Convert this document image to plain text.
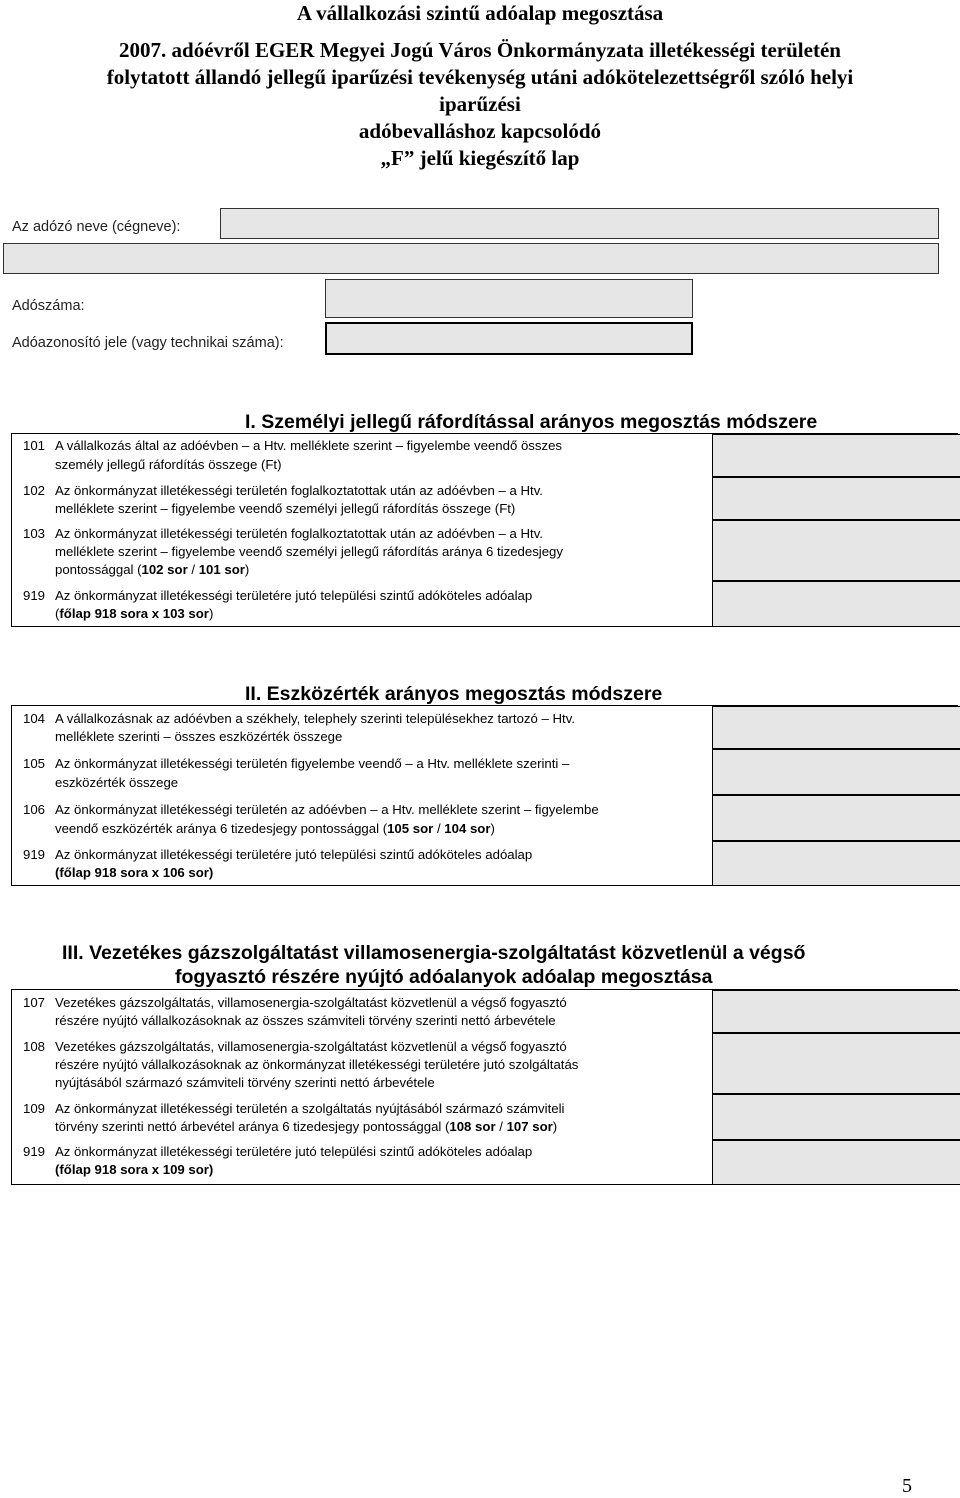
A vállalkozási szintű adóalap megosztása
2007. adóévről EGER Megyei Jogú Város Önkormányzata illetékességi területén
folytatott állandó jellegű iparűzési tevékenység utáni adókötelezettségről szóló helyi
iparűzési
adóbevalláshoz kapcsolódó
„F” jelű kiegészítő lap
Az adózó neve (cégneve):
Adószáma:
Adóazonosító jele (vagy technikai száma):
I. Személyi jellegű ráfordítással arányos megosztás módszere
101 A vállalkozás által az adóévben – a Htv. melléklete szerint – figyelembe veendő összes
személy jellegű ráfordítás összege (Ft)
102 Az önkormányzat illetékességi területén foglalkoztatottak után az adóévben – a Htv.
melléklete szerint – figyelembe veendő személyi jellegű ráfordítás összege (Ft)
103 Az önkormányzat illetékességi területén foglalkoztatottak után az adóévben – a Htv.
melléklete szerint – figyelembe veendő személyi jellegű ráfordítás aránya 6 tizedesjegy
pontossággal (102 sor / 101 sor)
919 Az önkormányzat illetékességi területére jutó települési szintű adóköteles adóalap
(főlap 918 sora x 103 sor)
II. Eszközérték arányos megosztás módszere
104 A vállalkozásnak az adóévben a székhely, telephely szerinti településekhez tartozó – Htv.
melléklete szerinti – összes eszközérték összege
105 Az önkormányzat illetékességi területén figyelembe veendő – a Htv. melléklete szerinti –
eszközérték összege
106 Az önkormányzat illetékességi területén az adóévben – a Htv. melléklete szerint – figyelembe
veendő eszközérték aránya 6 tizedesjegy pontossággal (105 sor / 104 sor)
919 Az önkormányzat illetékességi területére jutó települési szintű adóköteles adóalap
(főlap 918 sora x 106 sor)
III. Vezetékes gázszolgáltatást villamosenergia-szolgáltatást közvetlenül a végső
fogyasztó részére nyújtó adóalanyok adóalap megosztása
107 Vezetékes gázszolgáltatás, villamosenergia-szolgáltatást közvetlenül a végső fogyasztó
részére nyújtó vállalkozásoknak az összes számviteli törvény szerinti nettó árbevétele
108 Vezetékes gázszolgáltatás, villamosenergia-szolgáltatást közvetlenül a végső fogyasztó
részére nyújtó vállalkozásoknak az önkormányzat illetékességi területére jutó szolgáltatás
nyújtásából származó számviteli törvény szerinti nettó árbevétele
109 Az önkormányzat illetékességi területén a szolgáltatás nyújtásából származó számviteli
törvény szerinti nettó árbevétel aránya 6 tizedesjegy pontossággal (108 sor / 107 sor)
919 Az önkormányzat illetékességi területére jutó települési szintű adóköteles adóalap
(főlap 918 sora x 109 sor)
5
